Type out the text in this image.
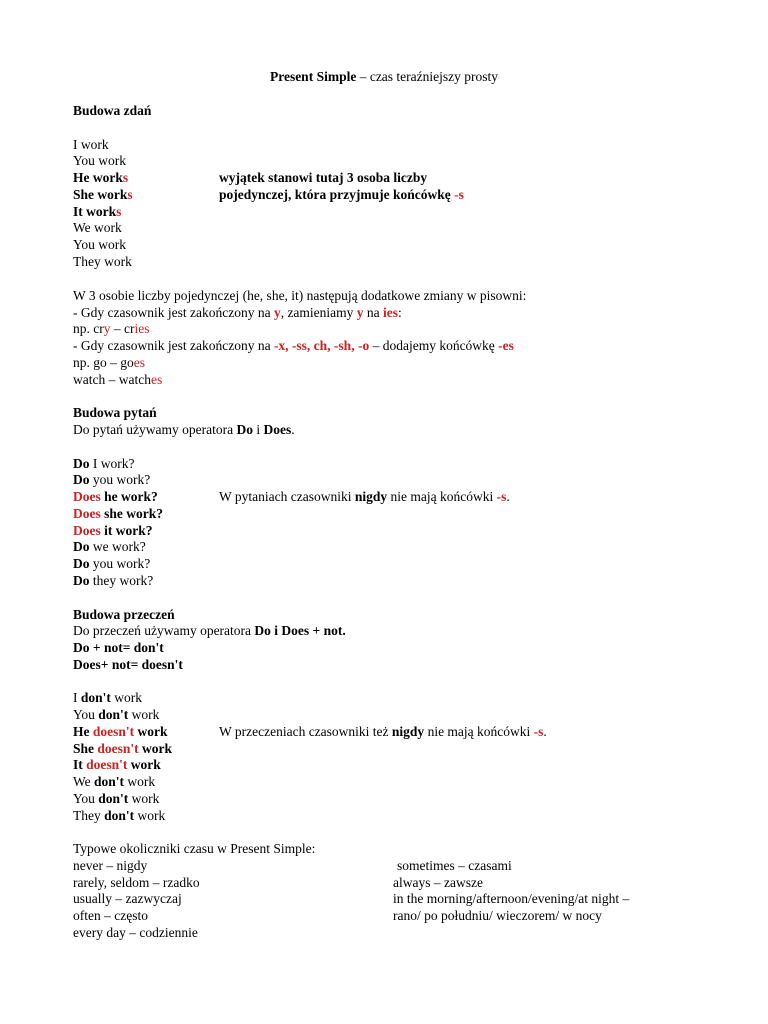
Present Simple – czas teraźniejszy prosty
Budowa zdań
I work
You work
He works
She works
It works
We work
You work
They work
wyjątek stanowi tutaj 3 osoba liczby
pojedynczej, która przyjmuje końcówkę -s
W 3 osobie liczby pojedynczej (he, she, it) następują dodatkowe zmiany w pisowni:
- Gdy czasownik jest zakończony na y, zamieniamy y na ies:
np. cry – cries
- Gdy czasownik jest zakończony na -x, -ss, ch, -sh, -o – dodajemy końcówkę -es
np. go – goes
watch – watches
Budowa pytań
Do pytań używamy operatora Do i Does.
Do I work?
Do you work?
Does he work?
Does she work?
Does it work?
Do we work?
Do you work?
Do they work?
W pytaniach czasowniki nigdy nie mają końcówki -s.
Budowa przeczeń
Do przeczeń używamy operatora Do i Does + not.
Do + not= don't
Does+ not= doesn't
I don't work
You don't work
He doesn't work
She doesn't work
It doesn't work
We don't work
You don't work
They don't work
W przeczeniach czasowniki też nigdy nie mają końcówki -s.
Typowe okoliczniki czasu w Present Simple:
never – nigdy
rarely, seldom – rzadko
usually – zazwyczaj
often – często
every day – codziennie
sometimes – czasami
always – zawsze
in the morning/afternoon/evening/at night –
rano/ po południu/ wieczorem/ w nocy
